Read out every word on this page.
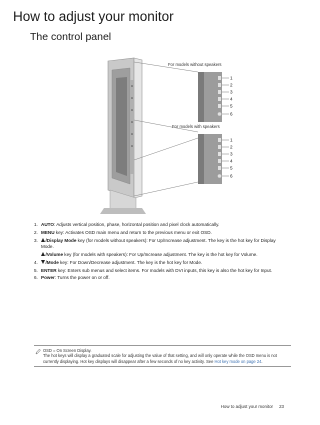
How to adjust your monitor
The control panel
1
2
3
4
5
6
1
2
3
4
5
6
For models without speakers
For models with speakers
1. AUTO: Adjusts vertical position, phase, horizontal position and pixel clock automatically.
2. MENU key: Activates OSD main menu and return to the previous menu or exit OSD.
3. /Display Mode key (for models without speakers): For Up/Increase adjustment. The key is the hot key for Display Mode.
/Volume key (for models with speakers): For Up/Increase adjustment. The key is the hot key for Volume.
4. /Mode key: For Down/Decrease adjustment. The key is the hot key for Mode.
5. ENTER key: Enters sub menus and select items. For models with DVI inputs, this key is also the hot key for Input.
6. Power: Turns the power on or off.
OSD = On Screen Display.
The hot keys will display a graduated scale for adjusting the value of that setting, and will only operate while the OSD menu is not currently displaying. Hot key displays will disappear after a few seconds of no key activity. See Hot key mode on page 24.
How to adjust your monitor 23
